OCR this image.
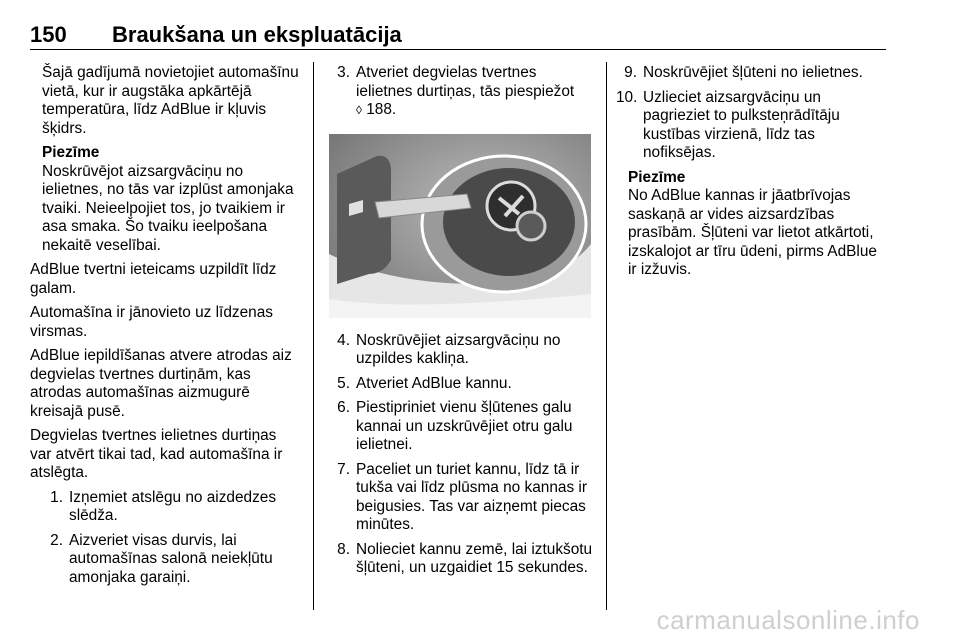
150 Braukšana un ekspluatācija
Šajā gadījumā novietojiet automašīnu vietā, kur ir augstāka apkārtējā temperatūra, līdz AdBlue ir kļuvis šķidrs.
Piezīme
Noskrūvējot aizsargvāciņu no ielietnes, no tās var izplūst amonjaka tvaiki. Neieelpojiet tos, jo tvaikiem ir asa smaka. Šo tvaiku ieelpošana nekaitē veselībai.

AdBlue tvertni ieteicams uzpildīt līdz galam.

Automašīna ir jānovieto uz līdzenas virsmas.

AdBlue iepildīšanas atvere atrodas aiz degvielas tvertnes durtiņām, kas atrodas automašīnas aizmugurē kreisajā pusē.

Degvielas tvertnes ielietnes durtiņas var atvērt tikai tad, kad automašīna ir atslēgta.

1. Izņemiet atslēgu no aizdedzes slēdža.
2. Aizveriet visas durvis, lai automašīnas salonā neiekļūtu amonjaka garaiņi.
3. Atveriet degvielas tvertnes ielietnes durtiņas, tās piespiežot
◊ 188.
4. Noskrūvējiet aizsargvāciņu no uzpildes kakliņa.
5. Atveriet AdBlue kannu.
6. Piestipriniet vienu šļūtenes galu kannai un uzskrūvējiet otru galu ielietnei.
7. Paceliet un turiet kannu, līdz tā ir tukša vai līdz plūsma no kannas ir beigusies. Tas var aizņemt piecas minūtes.
8. Nolieciet kannu zemē, lai iztukšotu šļūteni, un uzgaidiet 15 sekundes.
9. Noskrūvējiet šļūteni no ielietnes.
10. Uzlieciet aizsargvāciņu un pagrieziet to pulksteņrādītāju kustības virzienā, līdz tas nofiksējas.
Piezīme
No AdBlue kannas ir jāatbrīvojas saskaņā ar vides aizsardzības prasībām. Šļūteni var lietot atkārtoti, izskalojot ar tīru ūdeni, pirms AdBlue ir izžuvis.
carmanualsonline.info
